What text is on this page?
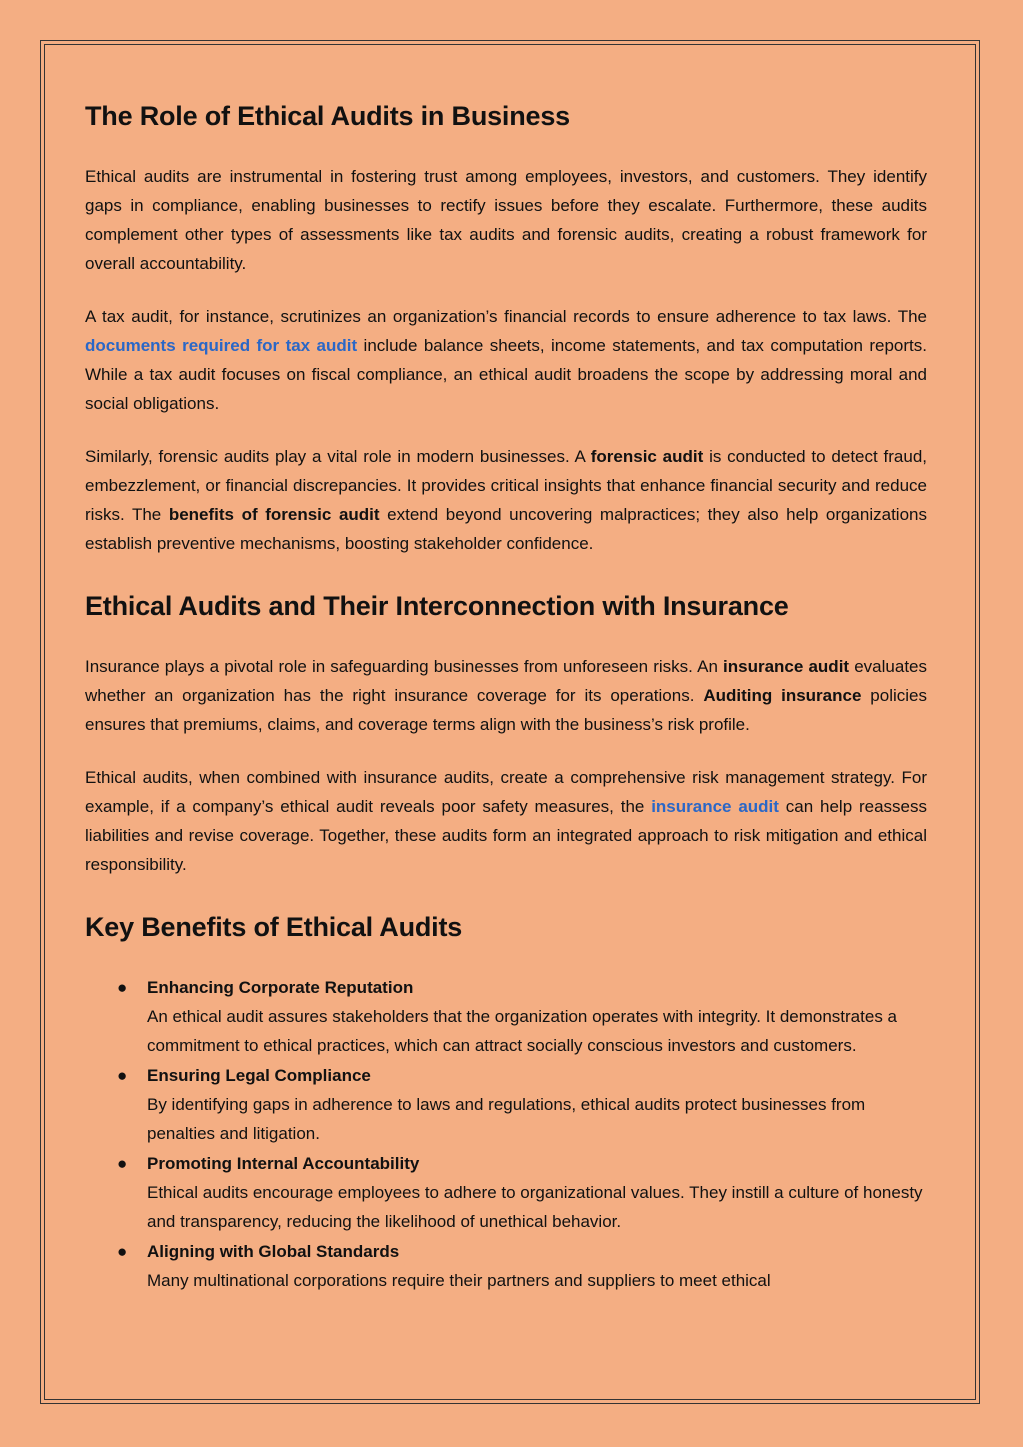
The Role of Ethical Audits in Business

Ethical audits are instrumental in fostering trust among employees, investors, and customers. They identify gaps in compliance, enabling businesses to rectify issues before they escalate. Furthermore, these audits complement other types of assessments like tax audits and forensic audits, creating a robust framework for overall accountability.

A tax audit, for instance, scrutinizes an organization’s financial records to ensure adherence to tax laws. The documents required for tax audit include balance sheets, income statements, and tax computation reports. While a tax audit focuses on fiscal compliance, an ethical audit broadens the scope by addressing moral and social obligations.

Similarly, forensic audits play a vital role in modern businesses. A forensic audit is conducted to detect fraud, embezzlement, or financial discrepancies. It provides critical insights that enhance financial security and reduce risks. The benefits of forensic audit extend beyond uncovering malpractices; they also help organizations establish preventive mechanisms, boosting stakeholder confidence.

Ethical Audits and Their Interconnection with Insurance

Insurance plays a pivotal role in safeguarding businesses from unforeseen risks. An insurance audit evaluates whether an organization has the right insurance coverage for its operations. Auditing insurance policies ensures that premiums, claims, and coverage terms align with the business’s risk profile.

Ethical audits, when combined with insurance audits, create a comprehensive risk management strategy. For example, if a company’s ethical audit reveals poor safety measures, the insurance audit can help reassess liabilities and revise coverage. Together, these audits form an integrated approach to risk mitigation and ethical responsibility.

Key Benefits of Ethical Audits
● Enhancing Corporate Reputation
An ethical audit assures stakeholders that the organization operates with integrity. It demonstrates a commitment to ethical practices, which can attract socially conscious investors and customers.
● Ensuring Legal Compliance
By identifying gaps in adherence to laws and regulations, ethical audits protect businesses from penalties and litigation.
● Promoting Internal Accountability
Ethical audits encourage employees to adhere to organizational values. They instill a culture of honesty and transparency, reducing the likelihood of unethical behavior.
● Aligning with Global Standards
Many multinational corporations require their partners and suppliers to meet ethical
